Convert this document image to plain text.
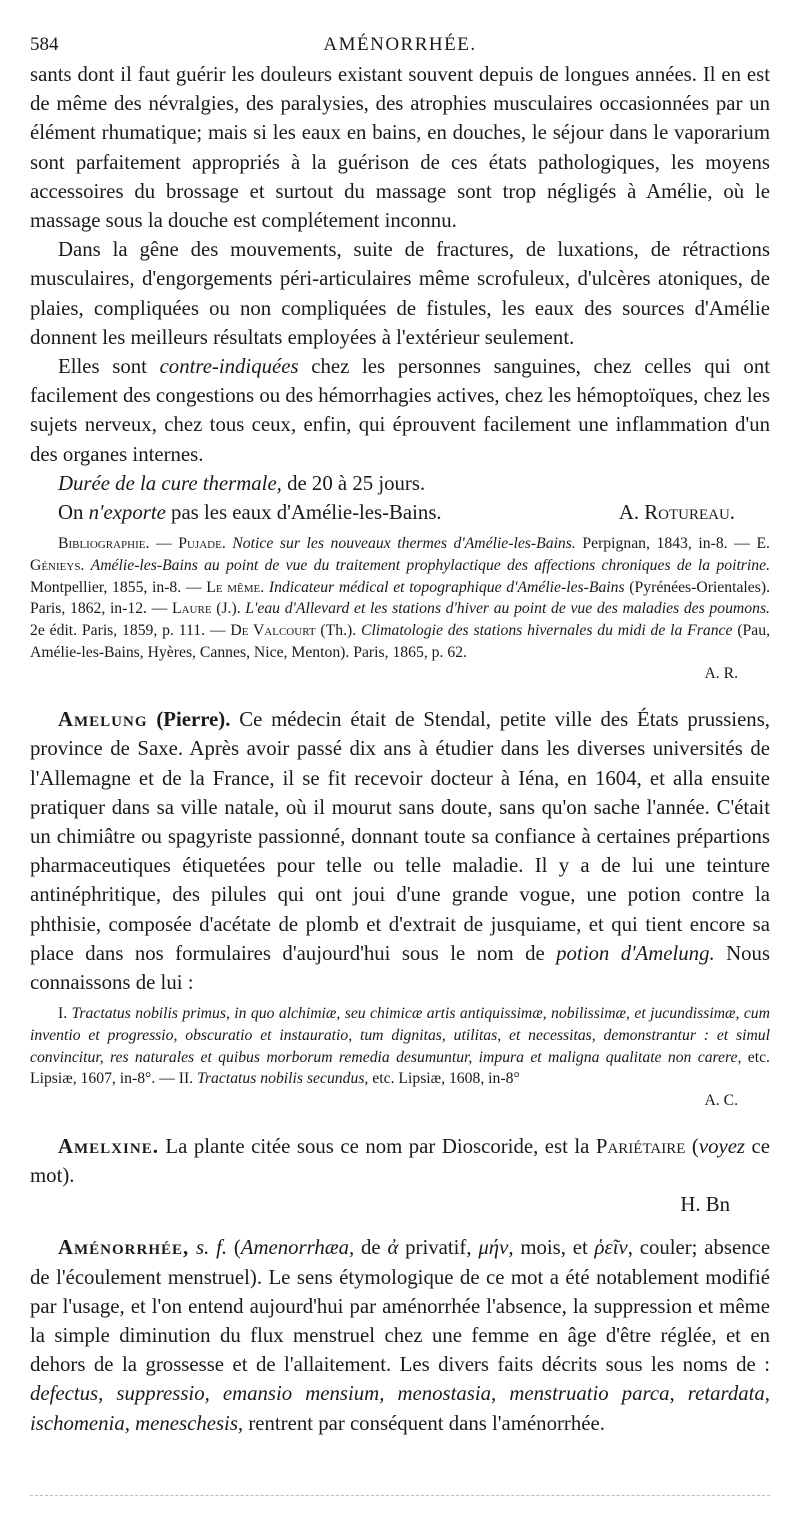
584	AMÉNORRHÉE.

sants dont il faut guérir les douleurs existant souvent depuis de longues années. Il en est de même des névralgies, des paralysies, des atrophies musculaires occasionnées par un élément rhumatique; mais si les eaux en bains, en douches, le séjour dans le vaporarium sont parfaitement appropriés à la guérison de ces états pathologiques, les moyens accessoires du brossage et surtout du massage sont trop négligés à Amélie, où le massage sous la douche est complétement inconnu.

Dans la gêne des mouvements, suite de fractures, de luxations, de rétractions musculaires, d'engorgements péri-articulaires même scrofuleux, d'ulcères atoniques, de plaies, compliquées ou non compliquées de fistules, les eaux des sources d'Amélie donnent les meilleurs résultats employées à l'extérieur seulement.

Elles sont contre-indiquées chez les personnes sanguines, chez celles qui ont facilement des congestions ou des hémorrhagies actives, chez les hémoptoïques, chez les sujets nerveux, chez tous ceux, enfin, qui éprouvent facilement une inflammation d'un des organes internes.

Durée de la cure thermale, de 20 à 25 jours.

On n'exporte pas les eaux d'Amélie-les-Bains.	A. Rotureau.

Bibliographie. — Pujade. Notice sur les nouveaux thermes d'Amélie-les-Bains. Perpignan, 1843, in-8. — E. Génieys. Amélie-les-Bains au point de vue du traitement prophylactique des affections chroniques de la poitrine. Montpellier, 1855, in-8. — Le même. Indicateur médical et topographique d'Amélie-les-Bains (Pyrénées-Orientales). Paris, 1862, in-12. — Laure (J.). L'eau d'Allevard et les stations d'hiver au point de vue des maladies des poumons. 2e édit. Paris, 1859, p. 111. — De Valcourt (Th.). Climatologie des stations hivernales du midi de la France (Pau, Amélie-les-Bains, Hyères, Cannes, Nice, Menton). Paris, 1865, p. 62.

A. R.

Amelung (Pierre). Ce médecin était de Stendal, petite ville des États prussiens, province de Saxe. Après avoir passé dix ans à étudier dans les diverses universités de l'Allemagne et de la France, il se fit recevoir docteur à Iéna, en 1604, et alla ensuite pratiquer dans sa ville natale, où il mourut sans doute, sans qu'on sache l'année. C'était un chimiâtre ou spagyriste passionné, donnant toute sa confiance à certaines prépartions pharmaceutiques étiquetées pour telle ou telle maladie. Il y a de lui une teinture antinéphritique, des pilules qui ont joui d'une grande vogue, une potion contre la phthisie, composée d'acétate de plomb et d'extrait de jusquiame, et qui tient encore sa place dans nos formulaires d'aujourd'hui sous le nom de potion d'Amelung. Nous connaissons de lui :

I. Tractatus nobilis primus, in quo alchimiæ, seu chimicæ artis antiquissimæ, nobilissimæ, et jucundissimæ, cum inventio et progressio, obscuratio et instauratio, tum dignitas, utilitas, et necessitas, demonstrantur : et simul convincitur, res naturales et quibus morborum remedia desumuntur, impura et maligna qualitate non carere, etc. Lipsiæ, 1607, in-8°. — II. Tractatus nobilis secundus, etc. Lipsiæ, 1608, in-8°

A. C.

Amelxine. La plante citée sous ce nom par Dioscoride, est la Pariétaire (voyez ce mot).

H. Bn

Aménorrhée, s. f. (Amenorrhæa, de ἀ privatif, μήν, mois, et ῥεῖν, couler; absence de l'écoulement menstruel). Le sens étymologique de ce mot a été notablement modifié par l'usage, et l'on entend aujourd'hui par aménorrhée l'absence, la suppression et même la simple diminution du flux menstruel chez une femme en âge d'être réglée, et en dehors de la grossesse et de l'allaitement. Les divers faits décrits sous les noms de : defectus, suppressio, emansio mensium, menostasia, menstruatio parca, retardata, ischomenia, meneschesis, rentrent par conséquent dans l'aménorrhée.
